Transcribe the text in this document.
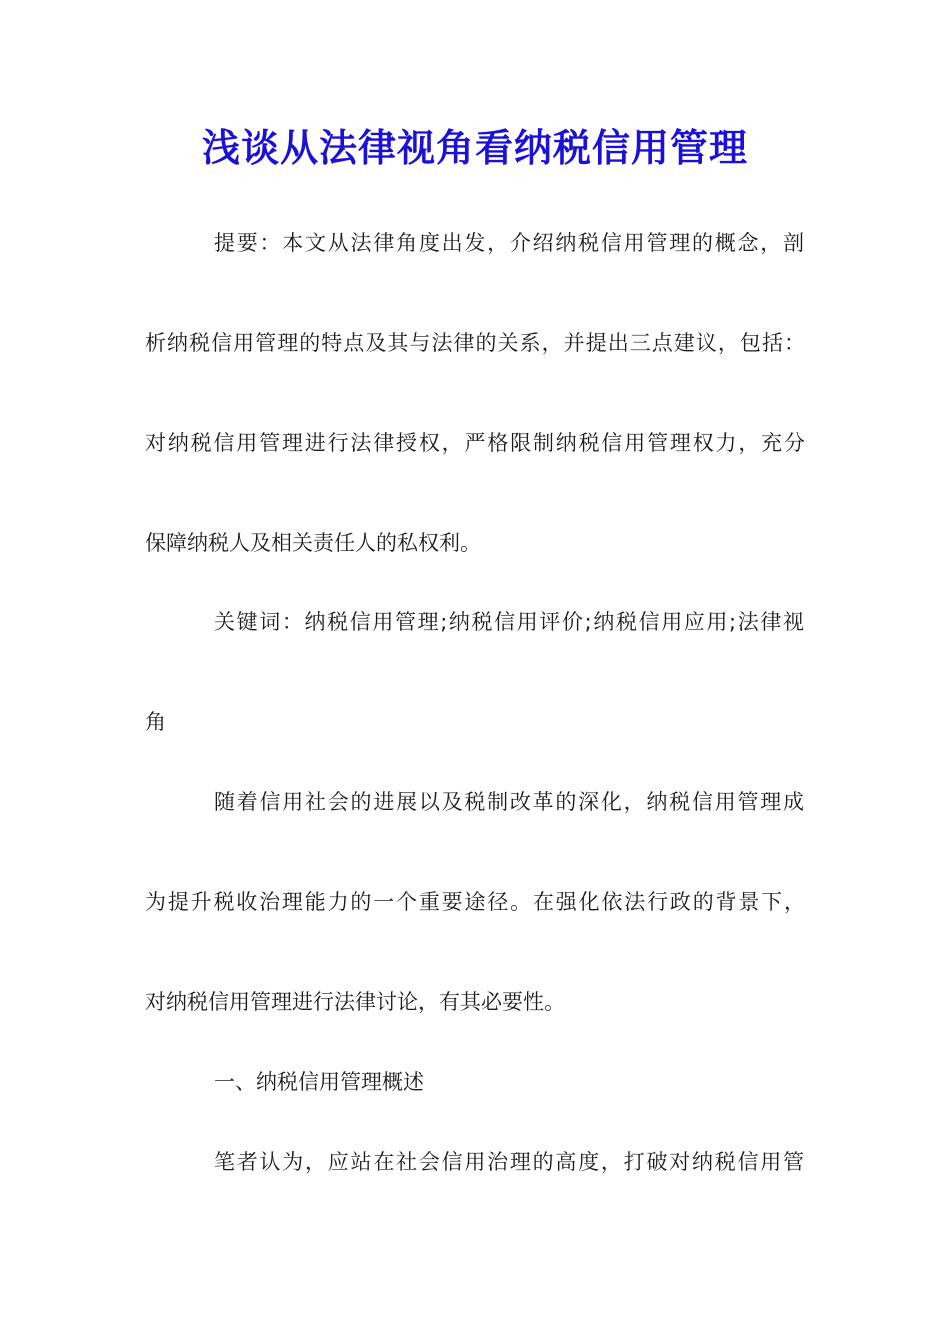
浅谈从法律视角看纳税信用管理
提要：本文从法律角度出发，介绍纳税信用管理的概念，剖
析纳税信用管理的特点及其与法律的关系，并提出三点建议，包括：
对纳税信用管理进行法律授权，严格限制纳税信用管理权力，充分
保障纳税人及相关责任人的私权利。
关键词：纳税信用管理;纳税信用评价;纳税信用应用;法律视
角
随着信用社会的进展以及税制改革的深化，纳税信用管理成
为提升税收治理能力的一个重要途径。在强化依法行政的背景下，
对纳税信用管理进行法律讨论，有其必要性。
一、纳税信用管理概述
笔者认为，应站在社会信用治理的高度，打破对纳税信用管
